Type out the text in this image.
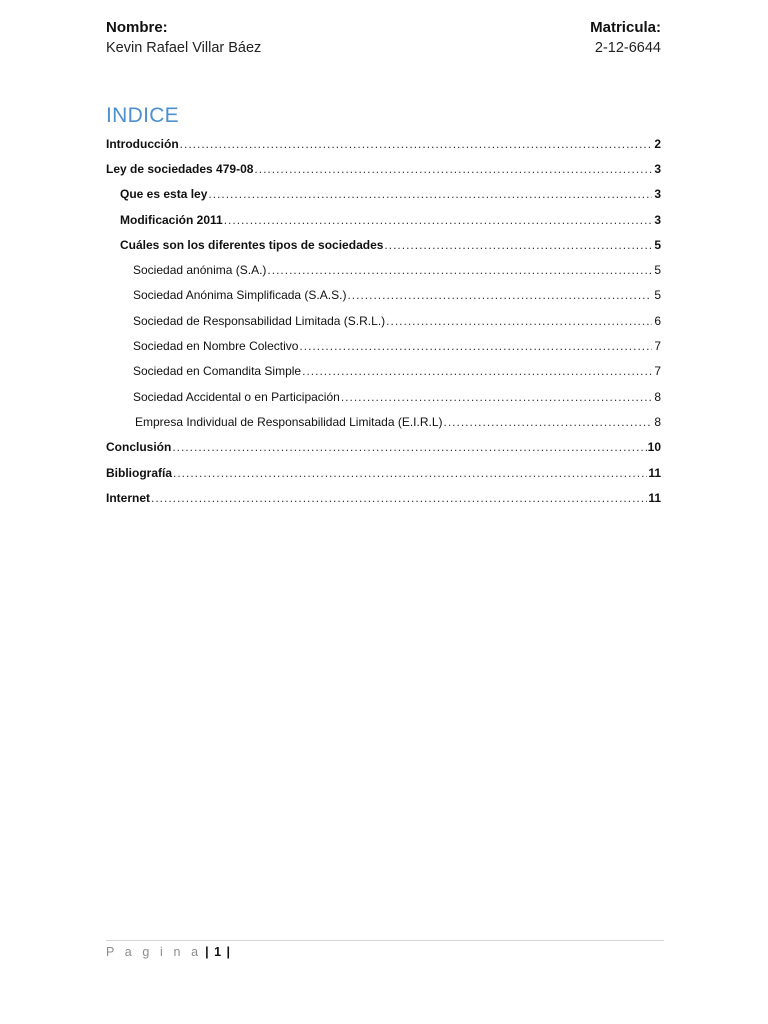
Nombre:
Kevin Rafael Villar Báez
Matricula:
2-12-6644
INDICE
Introducción .....	2
Ley de sociedades 479-08 .....	3
Que es esta ley .....	3
Modificación 2011 .....	3
Cuáles son los diferentes tipos de sociedades .....	5
Sociedad anónima (S.A.) .....	5
Sociedad Anónima Simplificada (S.A.S.) .....	5
Sociedad de Responsabilidad Limitada (S.R.L.) .....	6
Sociedad en Nombre Colectivo .....	7
Sociedad en Comandita Simple .....	7
Sociedad Accidental o en Participación .....	8
Empresa Individual de Responsabilidad Limitada (E.I.R.L) .....	8
Conclusión .....	10
Bibliografía .....	11
Internet .....	11
P a g i n a | 1 |
